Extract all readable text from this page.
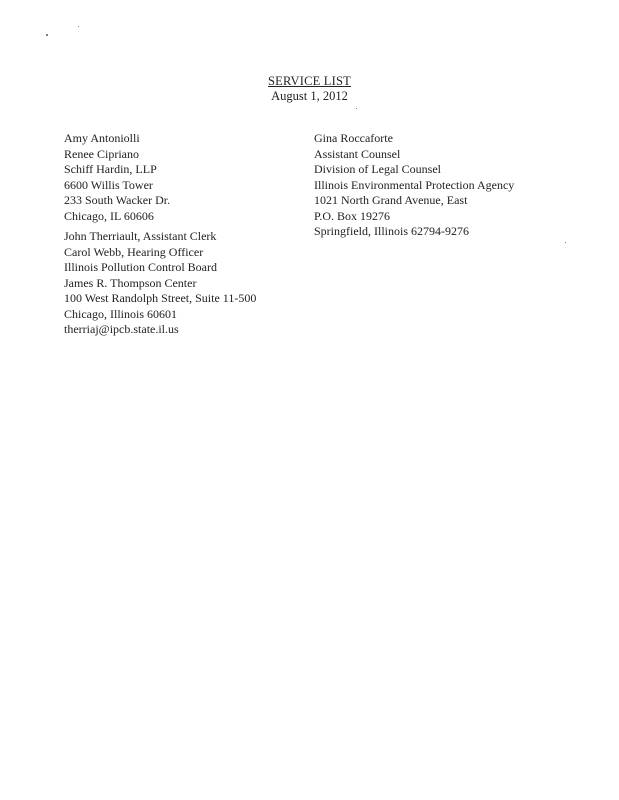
SERVICE LIST
August 1, 2012
Amy Antoniolli
Renee Cipriano
Schiff Hardin, LLP
6600 Willis Tower
233 South Wacker Dr.
Chicago, IL 60606
Gina Roccaforte
Assistant Counsel
Division of Legal Counsel
Illinois Environmental Protection Agency
1021 North Grand Avenue, East
P.O. Box 19276
Springfield, Illinois 62794-9276
John Therriault, Assistant Clerk
Carol Webb, Hearing Officer
Illinois Pollution Control Board
James R. Thompson Center
100 West Randolph Street, Suite 11-500
Chicago, Illinois 60601
therriaj@ipcb.state.il.us
